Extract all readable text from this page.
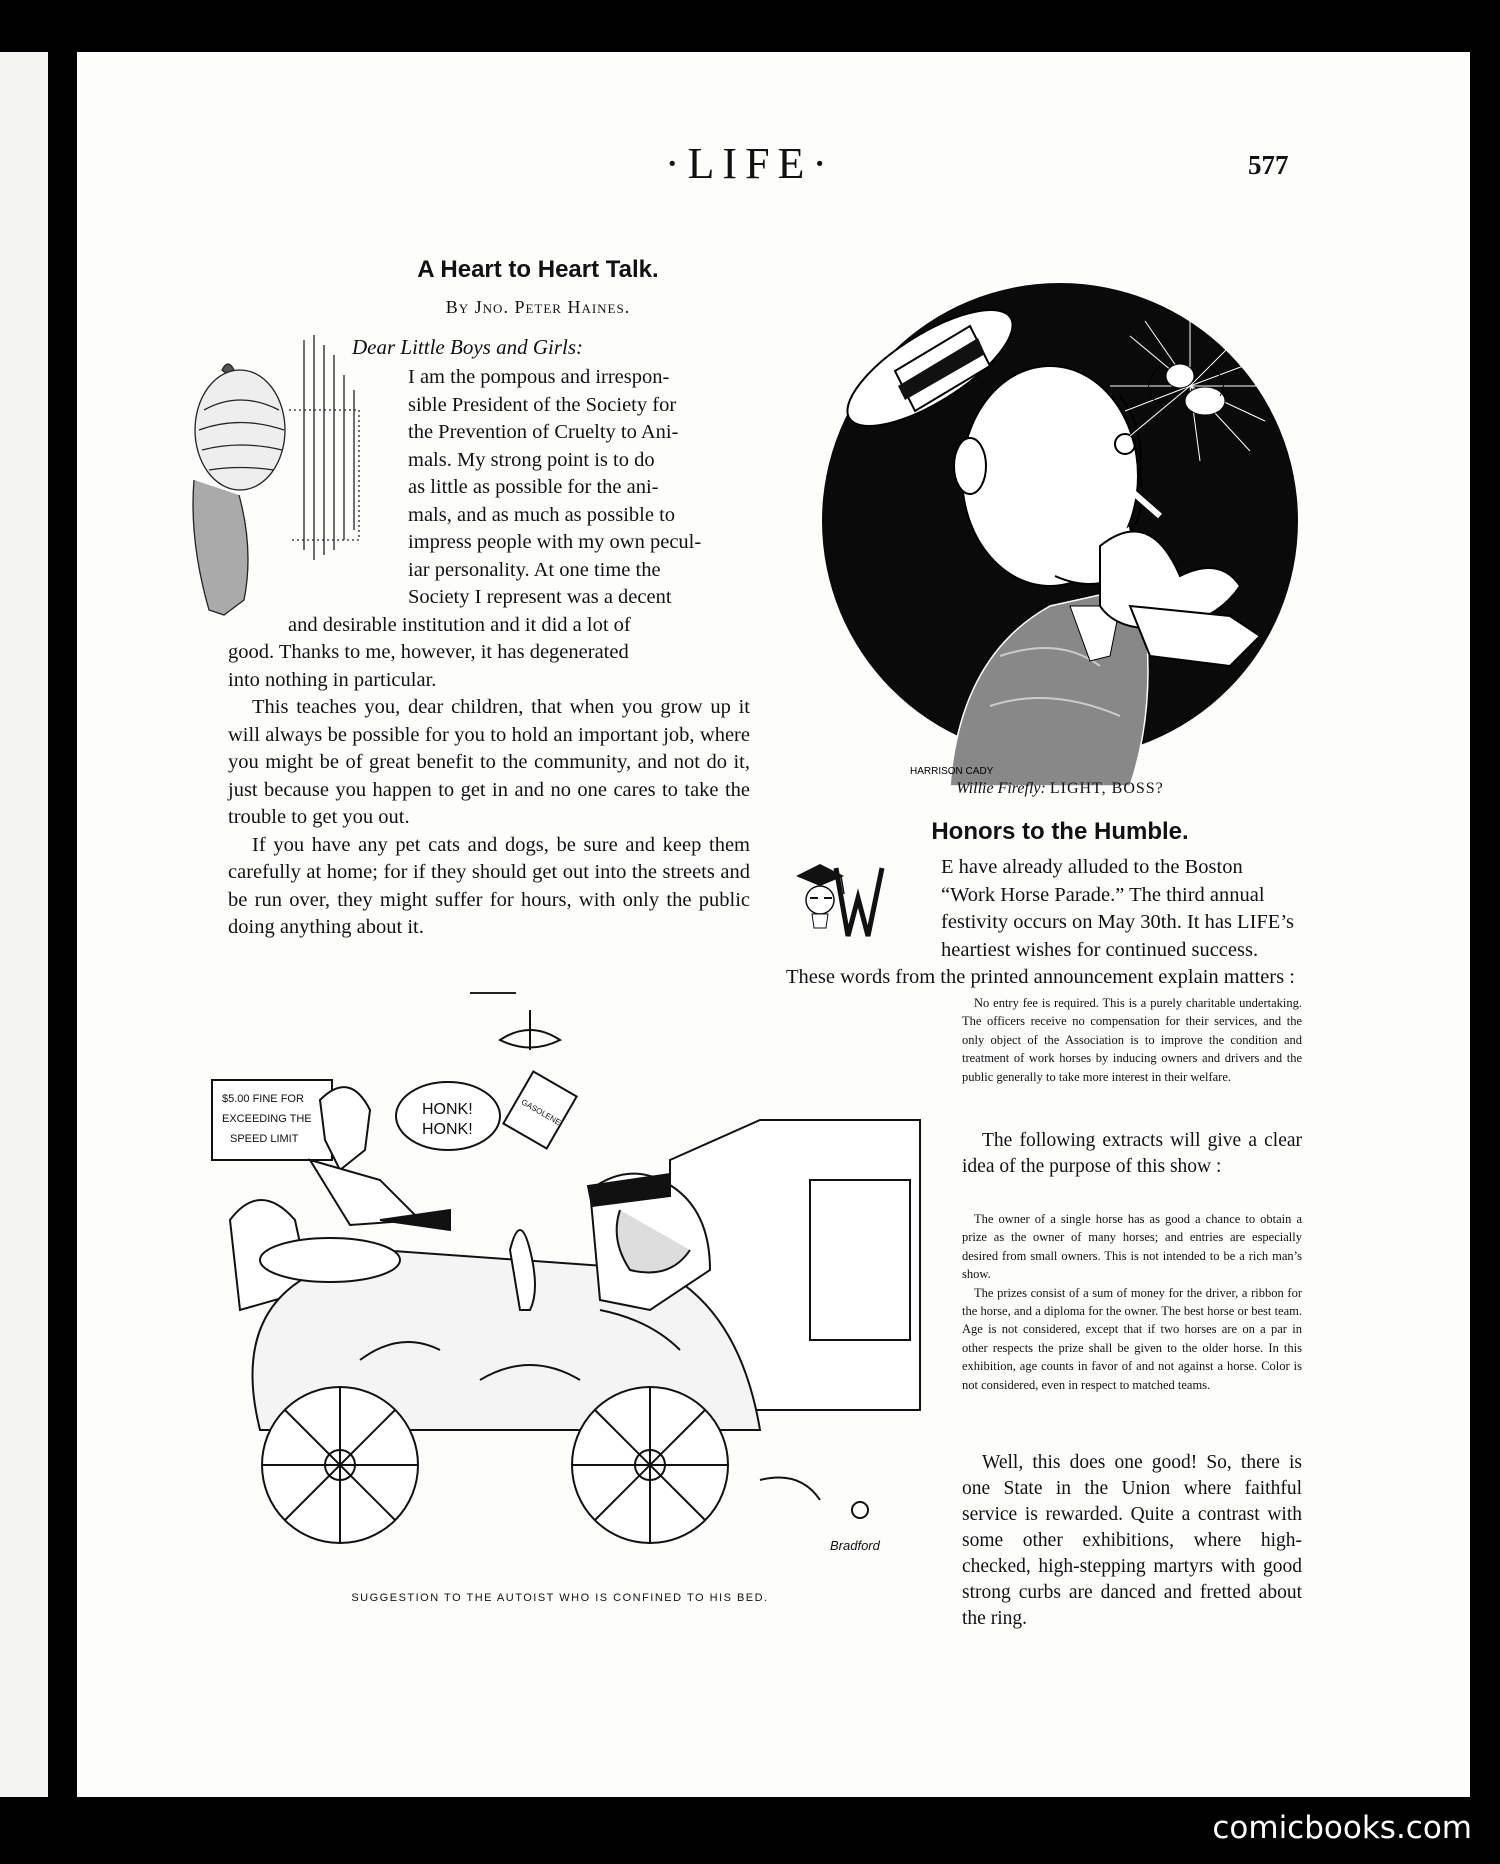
·LIFE·	577
A Heart to Heart Talk.
By Jno. Peter Haines.
Dear Little Boys and Girls:
I am the pompous and irrespon-
sible President of the Society for
the Prevention of Cruelty to Ani-
mals. My strong point is to do
as little as possible for the ani-
mals, and as much as possible to
impress people with my own pecul-
iar personality. At one time the
Society I represent was a decent
and desirable institution and it did a lot of
good. Thanks to me, however, it has degenerated
into nothing in particular.

This teaches you, dear children, that when you grow up it will always be possible for you to hold an important job, where you might be of great benefit to the community, and not do it, just because you happen to get in and no one cares to take the trouble to get you out.

If you have any pet cats and dogs, be sure and keep them carefully at home; for if they should get out into the streets and be run over, they might suffer for hours, with only the public doing anything about it.

HARRISON CADY
Willie Firefly: LIGHT, BOSS?
Honors to the Humble.
E have already alluded to the Boston
“Work Horse Parade.” The third annual
festivity occurs on May 30th. It has LIFE’s
heartiest wishes for continued success.

These words from the printed announcement explain matters :

No entry fee is required. This is a purely charitable undertaking. The officers receive no compensation for their services, and the only object of the Association is to improve the condition and treatment of work horses by inducing owners and drivers and the public generally to take more interest in their welfare.

The following extracts will give a clear idea of the purpose of this show :

The owner of a single horse has as good a chance to obtain a prize as the owner of many horses; and entries are especially desired from small owners. This is not intended to be a rich man’s show.

The prizes consist of a sum of money for the driver, a ribbon for the horse, and a diploma for the owner. The best horse or best team. Age is not considered, except that if two horses are on a par in other respects the prize shall be given to the older horse. In this exhibition, age counts in favor of and not against a horse. Color is not considered, even in respect to matched teams.

Well, this does one good! So, there is one State in the Union where faithful service is rewarded. Quite a contrast with some other exhibitions, where high-checked, high-stepping martyrs with good strong curbs are danced and fretted about the ring.

$5.00 FINE FOR
EXCEEDING THE
SPEED LIMIT
HONK!
HONK!
GASOLENE
Bradford
SUGGESTION TO THE AUTOIST WHO IS CONFINED TO HIS BED.
comicbooks.com
